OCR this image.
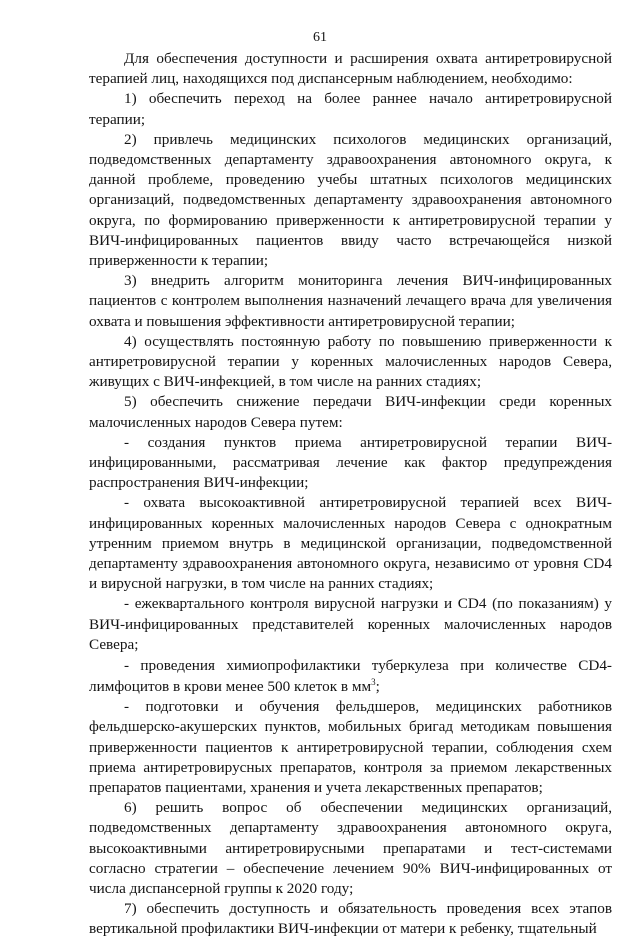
61

Для обеспечения доступности и расширения охвата антиретровирусной терапией лиц, находящихся под диспансерным наблюдением, необходимо:

1) обеспечить переход на более раннее начало антиретровирусной терапии;

2) привлечь медицинских психологов медицинских организаций, подведомственных департаменту здравоохранения автономного округа, к данной проблеме, проведению учебы штатных психологов медицинских организаций, подведомственных департаменту здравоохранения автономного округа, по формированию приверженности к антиретровирусной терапии у ВИЧ-инфицированных пациентов ввиду часто встречающейся низкой приверженности к терапии;

3) внедрить алгоритм мониторинга лечения ВИЧ-инфицированных пациентов с контролем выполнения назначений лечащего врача для увеличения охвата и повышения эффективности антиретровирусной терапии;

4) осуществлять постоянную работу по повышению приверженности к антиретровирусной терапии у коренных малочисленных народов Севера, живущих с ВИЧ-инфекцией, в том числе на ранних стадиях;

5) обеспечить снижение передачи ВИЧ-инфекции среди коренных малочисленных народов Севера путем:

- создания пунктов приема антиретровирусной терапии ВИЧ-инфицированными, рассматривая лечение как фактор предупреждения распространения ВИЧ-инфекции;

- охвата высокоактивной антиретровирусной терапией всех ВИЧ-инфицированных коренных малочисленных народов Севера с однократным утренним приемом внутрь в медицинской организации, подведомственной департаменту здравоохранения автономного округа, независимо от уровня CD4 и вирусной нагрузки, в том числе на ранних стадиях;

- ежеквартального контроля вирусной нагрузки и CD4 (по показаниям) у ВИЧ-инфицированных представителей коренных малочисленных народов Севера;

- проведения химиопрофилактики туберкулеза при количестве CD4-лимфоцитов в крови менее 500 клеток в $мм^3$;

- подготовки и обучения фельдшеров, медицинских работников фельдшерско-акушерских пунктов, мобильных бригад методикам повышения приверженности пациентов к антиретровирусной терапии, соблюдения схем приема антиретровирусных препаратов, контроля за приемом лекарственных препаратов пациентами, хранения и учета лекарственных препаратов;

6) решить вопрос об обеспечении медицинских организаций, подведомственных департаменту здравоохранения автономного округа, высокоактивными антиретровирусными препаратами и тест-системами согласно стратегии – обеспечение лечением 90% ВИЧ-инфицированных от числа диспансерной группы к 2020 году;

7) обеспечить доступность и обязательность проведения всех этапов вертикальной профилактики ВИЧ-инфекции от матери к ребенку, тщательный
